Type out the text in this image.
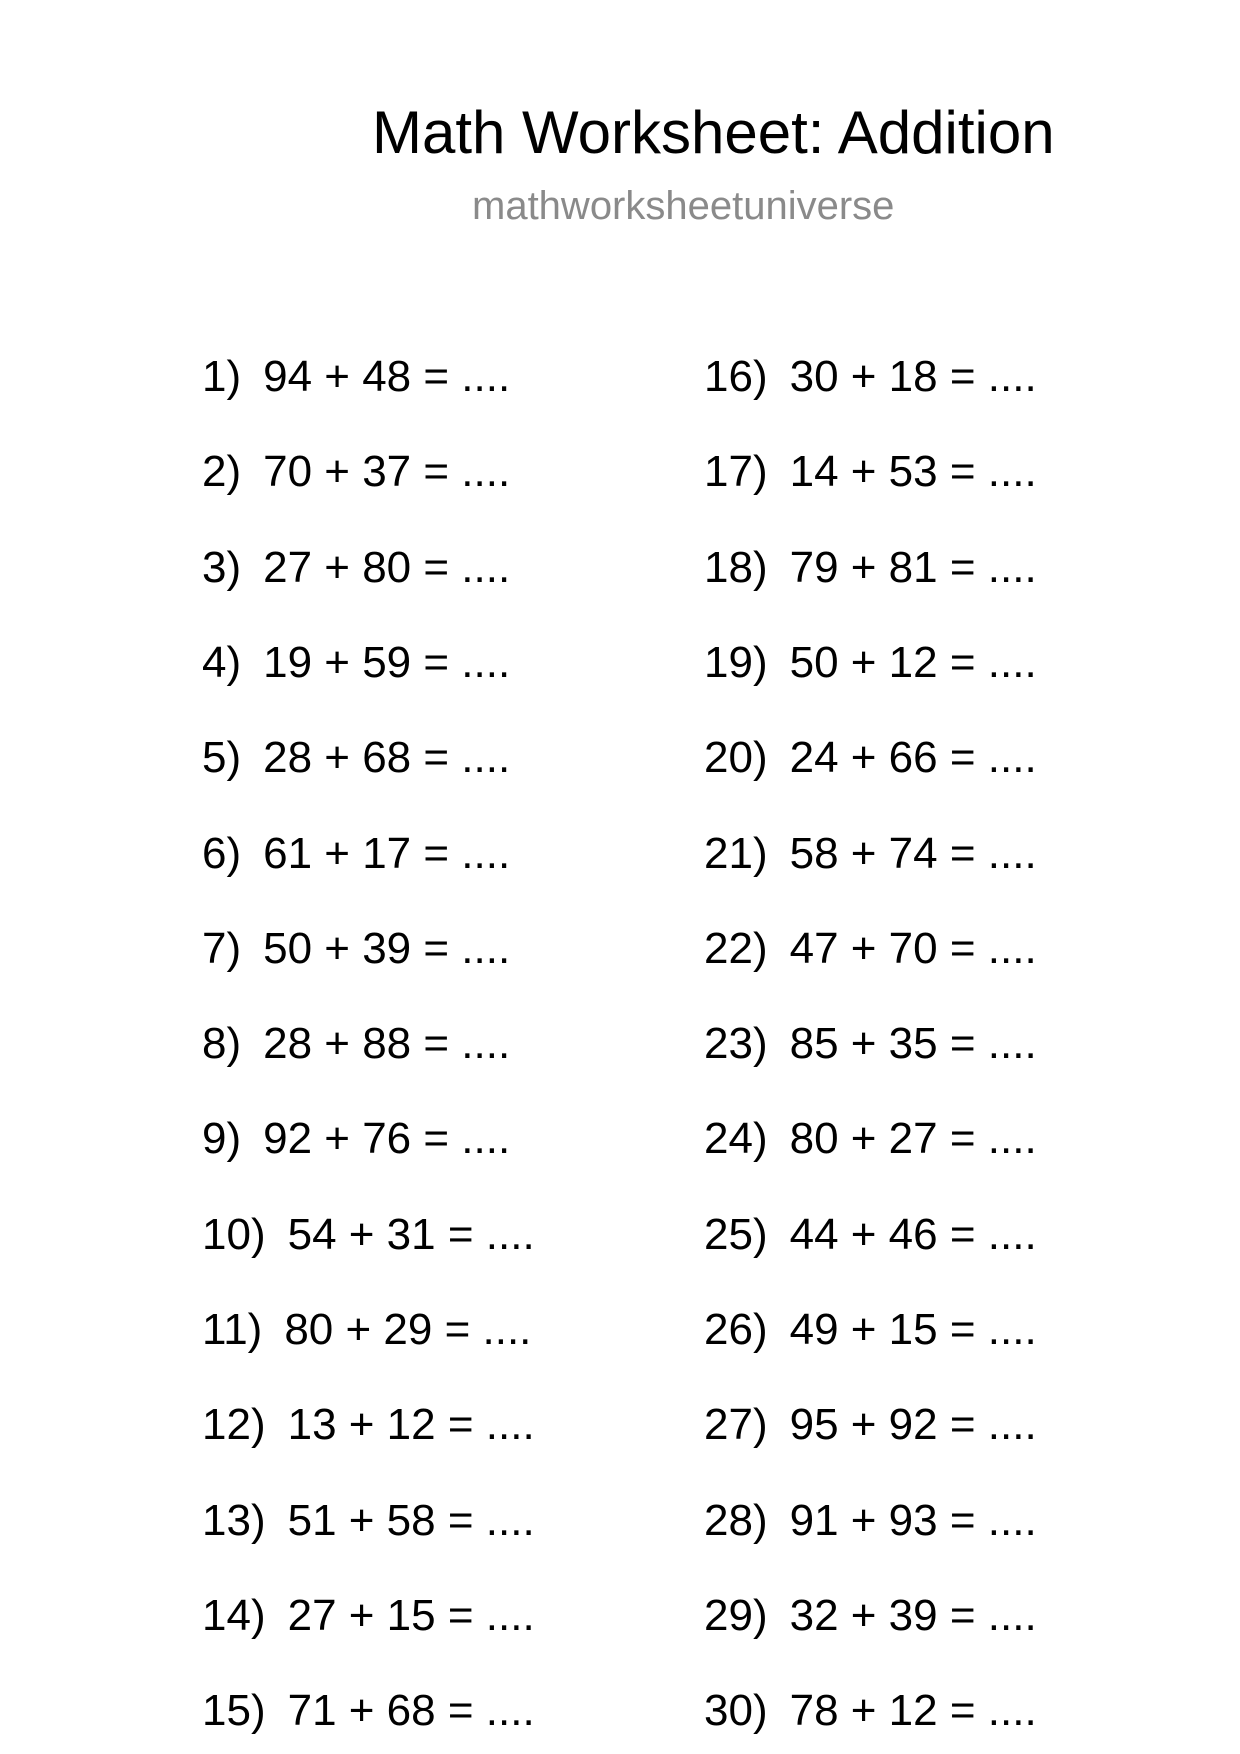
Math Worksheet: Addition
mathworksheetuniverse
1) 94 + 48 = ....
2) 70 + 37 = ....
3) 27 + 80 = ....
4) 19 + 59 = ....
5) 28 + 68 = ....
6) 61 + 17 = ....
7) 50 + 39 = ....
8) 28 + 88 = ....
9) 92 + 76 = ....
10) 54 + 31 = ....
11) 80 + 29 = ....
12) 13 + 12 = ....
13) 51 + 58 = ....
14) 27 + 15 = ....
15) 71 + 68 = ....
16) 30 + 18 = ....
17) 14 + 53 = ....
18) 79 + 81 = ....
19) 50 + 12 = ....
20) 24 + 66 = ....
21) 58 + 74 = ....
22) 47 + 70 = ....
23) 85 + 35 = ....
24) 80 + 27 = ....
25) 44 + 46 = ....
26) 49 + 15 = ....
27) 95 + 92 = ....
28) 91 + 93 = ....
29) 32 + 39 = ....
30) 78 + 12 = ....
